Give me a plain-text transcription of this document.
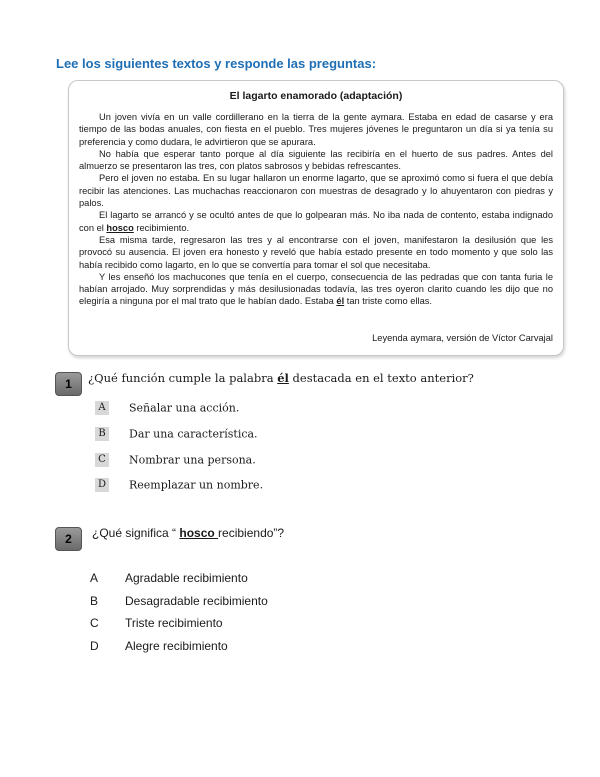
Lee los siguientes textos y responde las preguntas:
El lagarto enamorado (adaptación)

Un joven vivía en un valle cordillerano en la tierra de la gente aymara. Estaba en edad de casarse y era tiempo de las bodas anuales, con fiesta en el pueblo. Tres mujeres jóvenes le preguntaron un día si ya tenía su preferencia y como dudara, le advirtieron que se apurara.

No había que esperar tanto porque al día siguiente las recibiría en el huerto de sus padres. Antes del almuerzo se presentaron las tres, con platos sabrosos y bebidas refrescantes.

Pero el joven no estaba. En su lugar hallaron un enorme lagarto, que se aproximó como si fuera el que debía recibir las atenciones. Las muchachas reaccionaron con muestras de desagrado y lo ahuyentaron con piedras y palos.

El lagarto se arrancó y se ocultó antes de que lo golpearan más. No iba nada de contento, estaba indignado con el hosco recibimiento.

Esa misma tarde, regresaron las tres y al encontrarse con el joven, manifestaron la desilusión que les provocó su ausencia. El joven era honesto y reveló que había estado presente en todo momento y que solo las había recibido como lagarto, en lo que se convertía para tomar el sol que necesitaba.

Y les enseñó los machucones que tenía en el cuerpo, consecuencia de las pedradas que con tanta furia le habían arrojado. Muy sorprendidas y más desilusionadas todavía, las tres oyeron clarito cuando les dijo que no elegiría a ninguna por el mal trato que le habían dado. Estaba él tan triste como ellas.

Leyenda aymara, versión de Víctor Carvajal
1	¿Qué función cumple la palabra él destacada en el texto anterior?
A Señalar una acción.
B Dar una característica.
C Nombrar una persona.
D Reemplazar un nombre.
2	¿Qué significa “ hosco recibiendo”?
A Agradable recibimiento
B Desagradable recibimiento
C Triste recibimiento
D Alegre recibimiento
